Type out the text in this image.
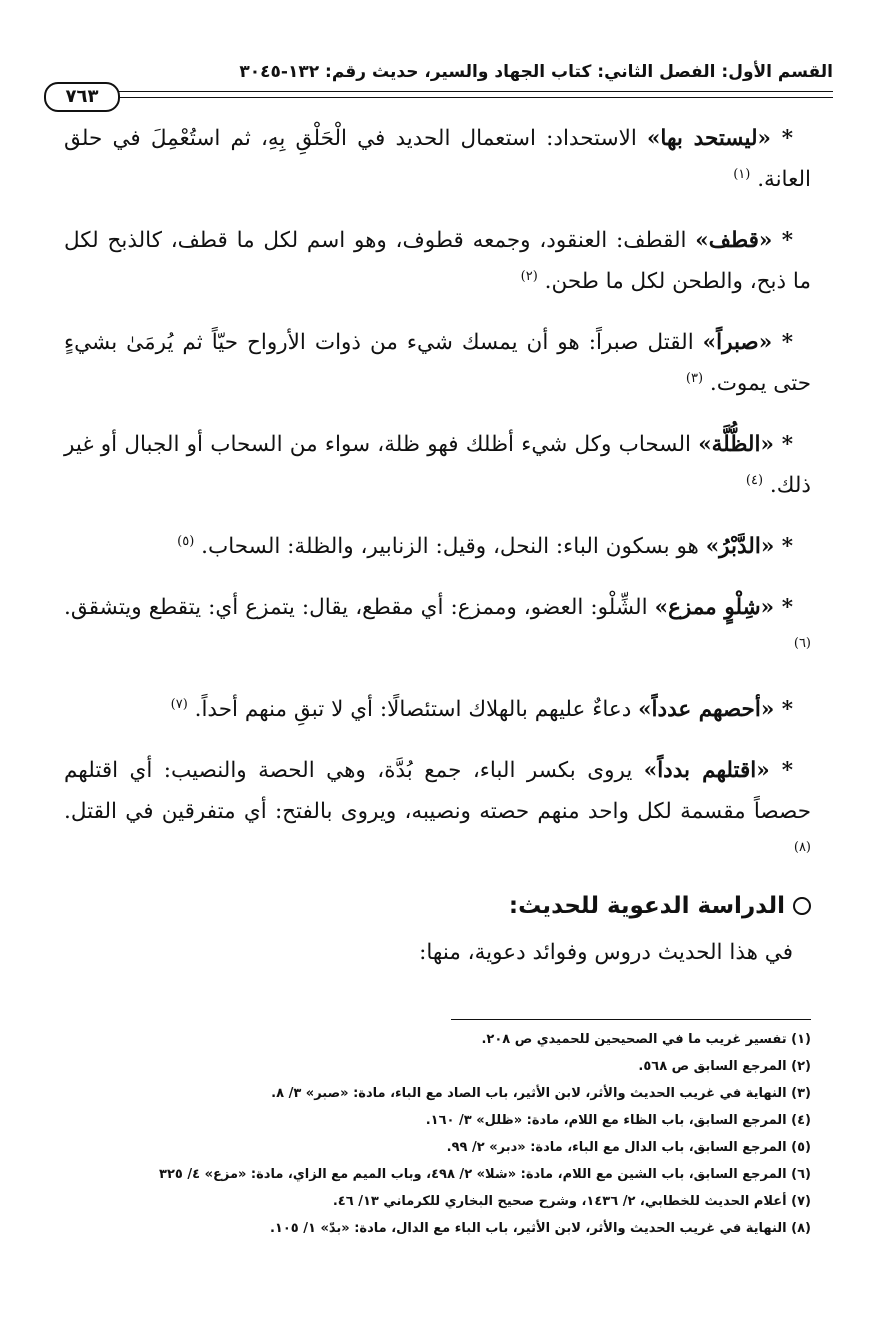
القسم الأول: الفصل الثاني: كتاب الجهاد والسير، حديث رقم: ١٣٢-٣٠٤٥
٧٦٣

* «ليستحد بها» الاستحداد: استعمال الحديد في الْحَلْقِ بِهِ، ثم استُعْمِلَ في حلق العانة. $^{(١)}$

* «قطف» القطف: العنقود، وجمعه قطوف، وهو اسم لكل ما قطف، كالذبح لكل ما ذبح، والطحن لكل ما طحن. $^{(٢)}$

* «صبراً» القتل صبراً: هو أن يمسك شيء من ذوات الأرواح حيّاً ثم يُرمَىٰ بشيءٍ حتى يموت. $^{(٣)}$

* «الظُّلَّة» السحاب وكل شيء أظلك فهو ظلة، سواء من السحاب أو الجبال أو غير ذلك. $^{(٤)}$

* «الدَّبْرُ» هو بسكون الباء: النحل، وقيل: الزنابير، والظلة: السحاب. $^{(٥)}$

* «شِلْوٍ ممزع» الشِّلْو: العضو، وممزع: أي مقطع، يقال: يتمزع أي: يتقطع ويتشقق. $^{(٦)}$

* «أحصهم عدداً» دعاءٌ عليهم بالهلاك استئصالًا: أي لا تبقِ منهم أحداً. $^{(٧)}$

* «اقتلهم بدداً» يروى بكسر الباء، جمع بُدَّة، وهي الحصة والنصيب: أي اقتلهم حصصاً مقسمة لكل واحد منهم حصته ونصيبه، ويروى بالفتح: أي متفرقين في القتل. $^{(٨)}$

الدراسة الدعوية للحديث:

في هذا الحديث دروس وفوائد دعوية، منها:

(١) تفسير غريب ما في الصحيحين للحميدي ص ٢٠٨.
(٢) المرجع السابق ص ٥٦٨.
(٣) النهاية في غريب الحديث والأثر، لابن الأثير، باب الصاد مع الباء، مادة: «صبر» ٣/ ٨.
(٤) المرجع السابق، باب الظاء مع اللام، مادة: «ظلل» ٣/ ١٦٠.
(٥) المرجع السابق، باب الدال مع الباء، مادة: «دبر» ٢/ ٩٩.
(٦) المرجع السابق، باب الشين مع اللام، مادة: «شلا» ٢/ ٤٩٨، وباب الميم مع الزاي، مادة: «مزع» ٤/ ٣٢٥
(٧) أعلام الحديث للخطابي، ٢/ ١٤٣٦، وشرح صحيح البخاري للكرماني ١٣/ ٤٦.
(٨) النهاية في غريب الحديث والأثر، لابن الأثير، باب الباء مع الدال، مادة: «بدّ» ١/ ١٠٥.
